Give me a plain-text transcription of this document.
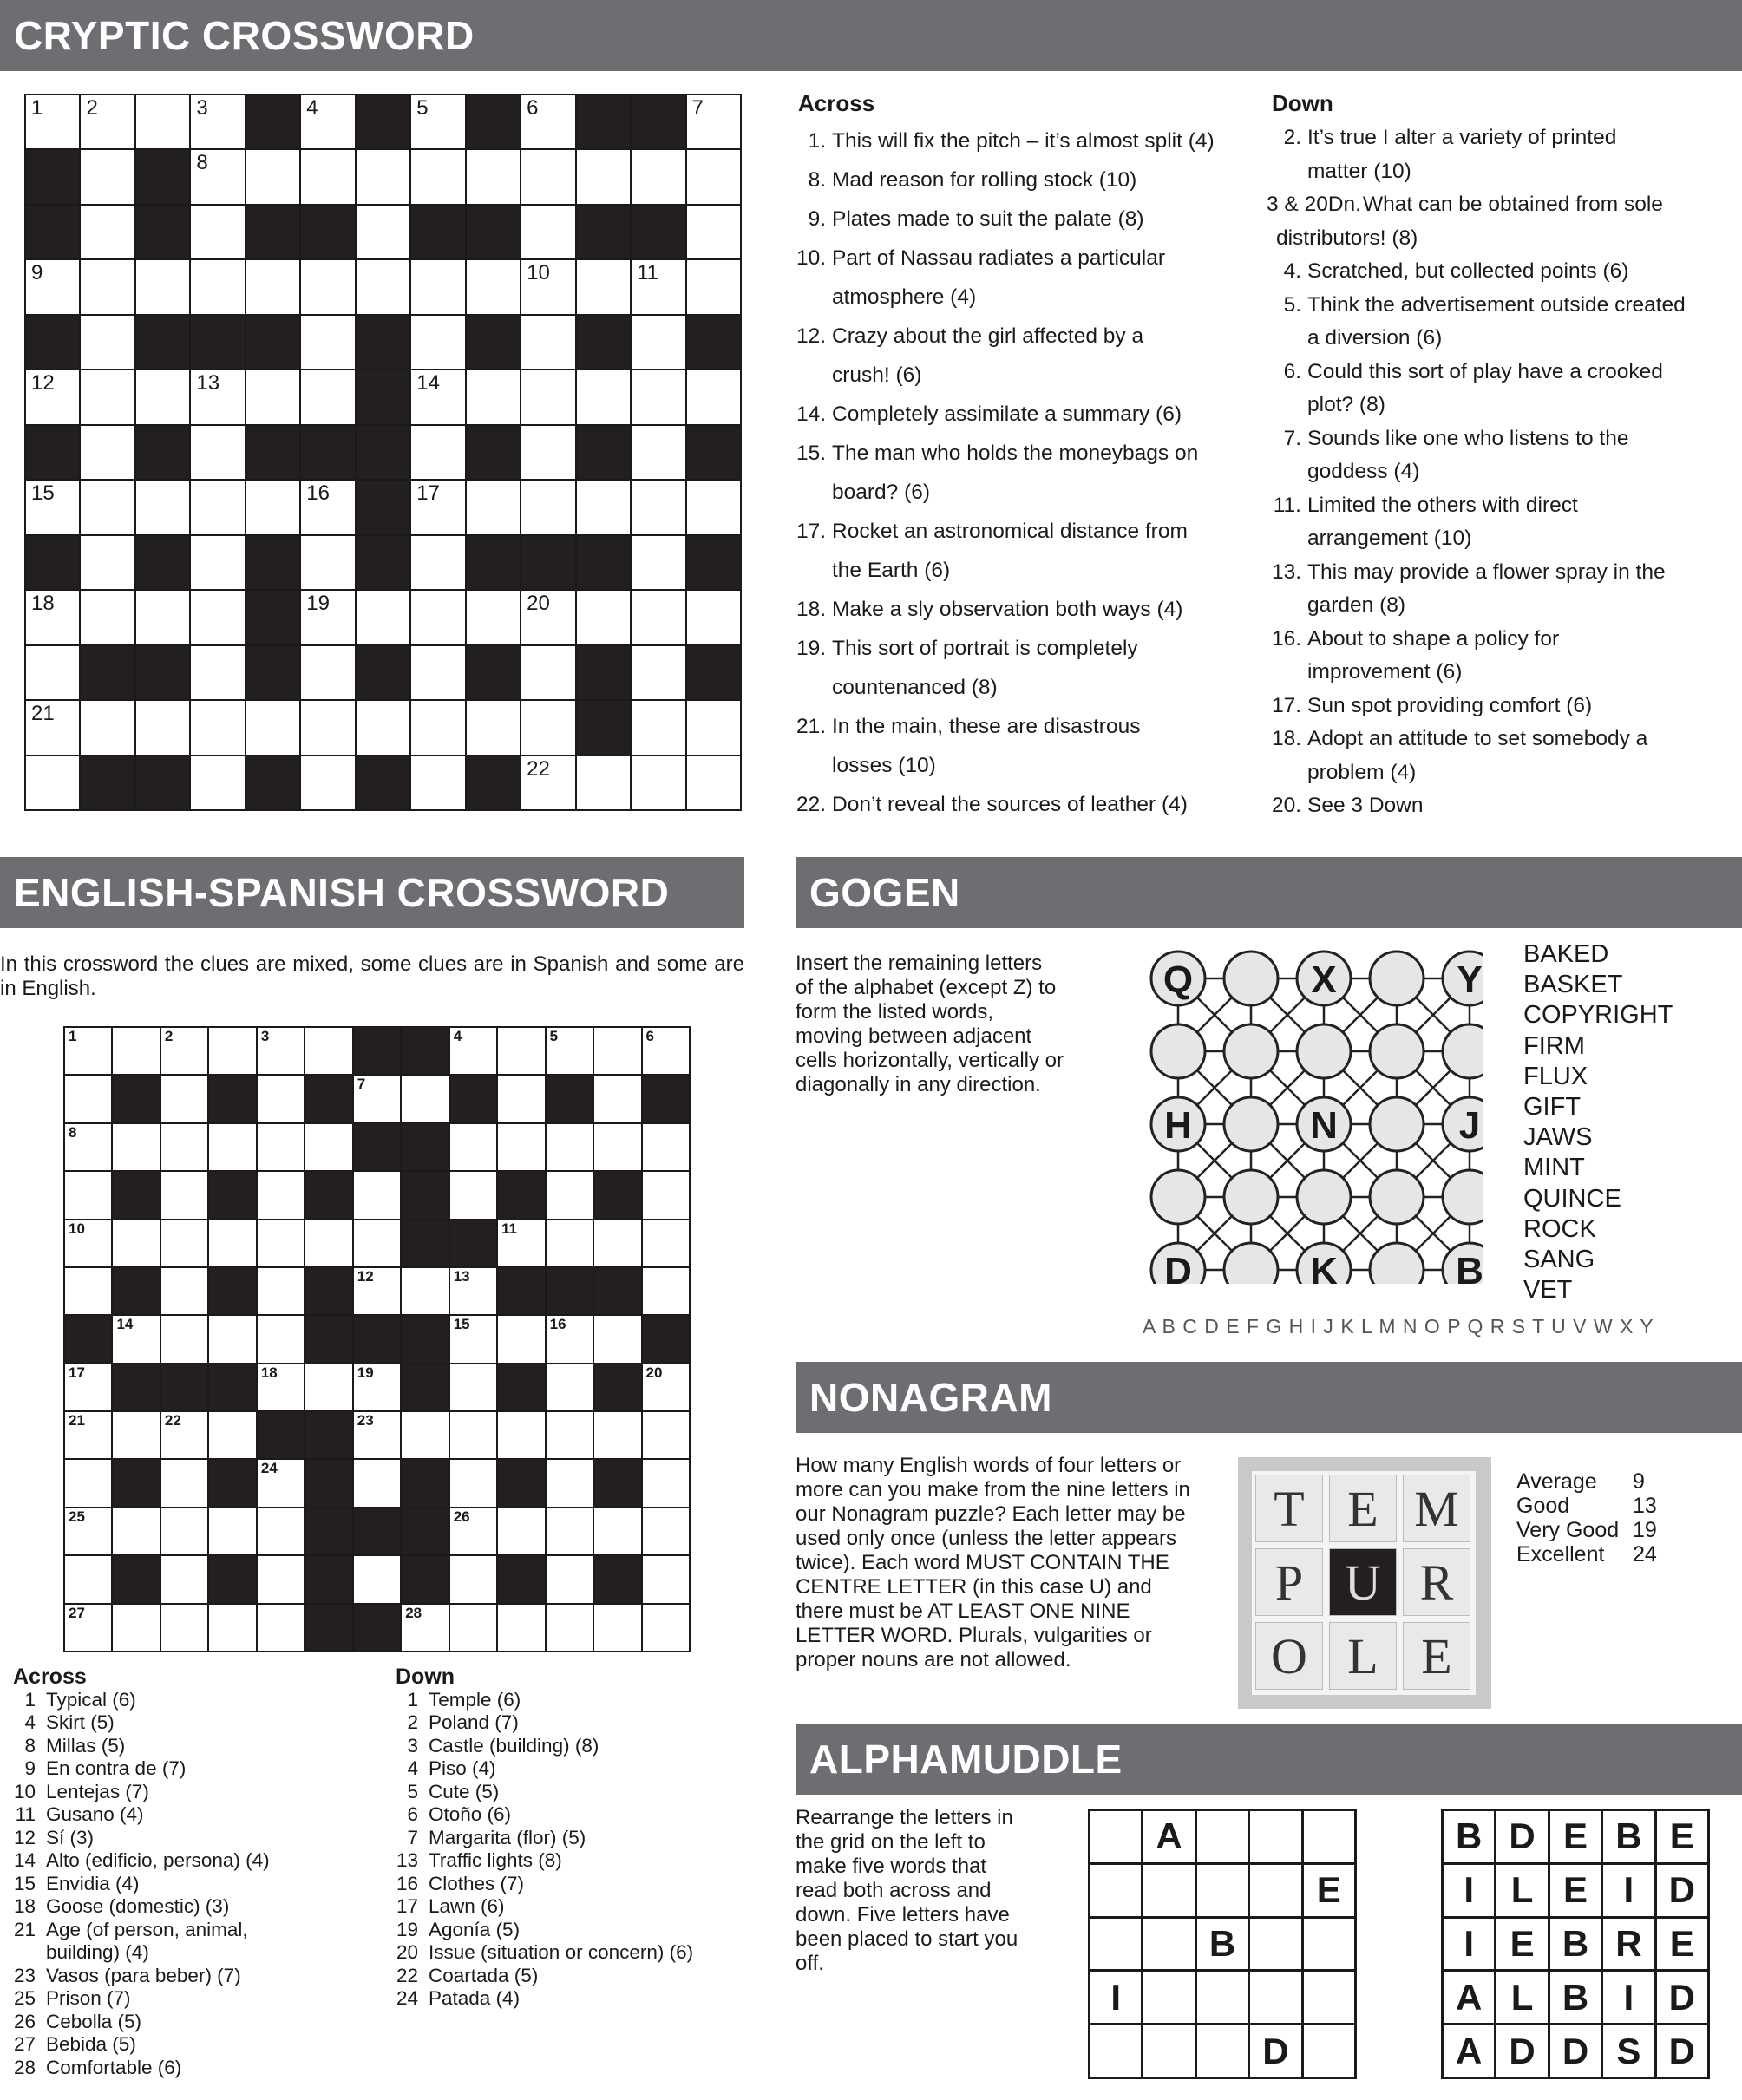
CRYPTIC CROSSWORD
1 2	3	4	5	6	7
8
9	10	11
12	13	14
15	16	17
18	19	20
21
22
Across
1. This will fix the pitch – it’s almost split (4)
8. Mad reason for rolling stock (10)
9. Plates made to suit the palate (8)
10. Part of Nassau radiates a particular
atmosphere (4)
12. Crazy about the girl affected by a
crush! (6)
14. Completely assimilate a summary (6)
15. The man who holds the moneybags on
board? (6)
17. Rocket an astronomical distance from
the Earth (6)
18. Make a sly observation both ways (4)
19. This sort of portrait is completely
countenanced (8)
21. In the main, these are disastrous
losses (10)
22. Don’t reveal the sources of leather (4)
Down
2. It’s true I alter a variety of printed
matter (10)
3 & 20Dn. What can be obtained from sole
distributors! (8)
4. Scratched, but collected points (6)
5. Think the advertisement outside created
a diversion (6)
6. Could this sort of play have a crooked
plot? (8)
7. Sounds like one who listens to the
goddess (4)
11. Limited the others with direct
arrangement (10)
13. This may provide a flower spray in the
garden (8)
16. About to shape a policy for
improvement (6)
17. Sun spot providing comfort (6)
18. Adopt an attitude to set somebody a
problem (4)
20. See 3 Down
ENGLISH-SPANISH CROSSWORD
In this crossword the clues are mixed, some clues are in Spanish and some are in English.
1	2	3	4	5	6
7
8
10	11
12	13
14	15	16
17	18	19	20
21	22	23
24
25	26
27	28
Across
1 Typical (6)
4 Skirt (5)
8 Millas (5)
9 En contra de (7)
10 Lentejas (7)
11 Gusano (4)
12 Sí (3)
14 Alto (edificio, persona) (4)
15 Envidia (4)
18 Goose (domestic) (3)
21 Age (of person, animal,
building) (4)
23 Vasos (para beber) (7)
25 Prison (7)
26 Cebolla (5)
27 Bebida (5)
28 Comfortable (6)
Down
1 Temple (6)
2 Poland (7)
3 Castle (building) (8)
4 Piso (4)
5 Cute (5)
6 Otoño (6)
7 Margarita (flor) (5)
13 Traffic lights (8)
16 Clothes (7)
17 Lawn (6)
19 Agonía (5)
20 Issue (situation or concern) (6)
22 Coartada (5)
24 Patada (4)
GOGEN
Insert the remaining letters of the alphabet (except Z) to form the listed words, moving between adjacent cells horizontally, vertically or diagonally in any direction.
Q	X	Y
H	N	J
D	K	B
BAKED
BASKET
COPYRIGHT
FIRM
FLUX
GIFT
JAWS
MINT
QUINCE
ROCK
SANG
VET
A B C D E F G H I J K L M N O P Q R S T U V W X Y
NONAGRAM
How many English words of four letters or more can you make from the nine letters in our Nonagram puzzle? Each letter may be used only once (unless the letter appears twice). Each word MUST CONTAIN THE CENTRE LETTER (in this case U) and there must be AT LEAST ONE NINE LETTER WORD. Plurals, vulgarities or proper nouns are not allowed.
T E M
P U R
O L E
Average	9
Good	13
Very Good 19
Excellent	24
ALPHAMUDDLE
Rearrange the letters in the grid on the left to make five words that read both across and down. Five letters have been placed to start you off.
A
E
B
I
D
B D E B E
I	L E I D
I E B R E
A L B I D
A D D S D
